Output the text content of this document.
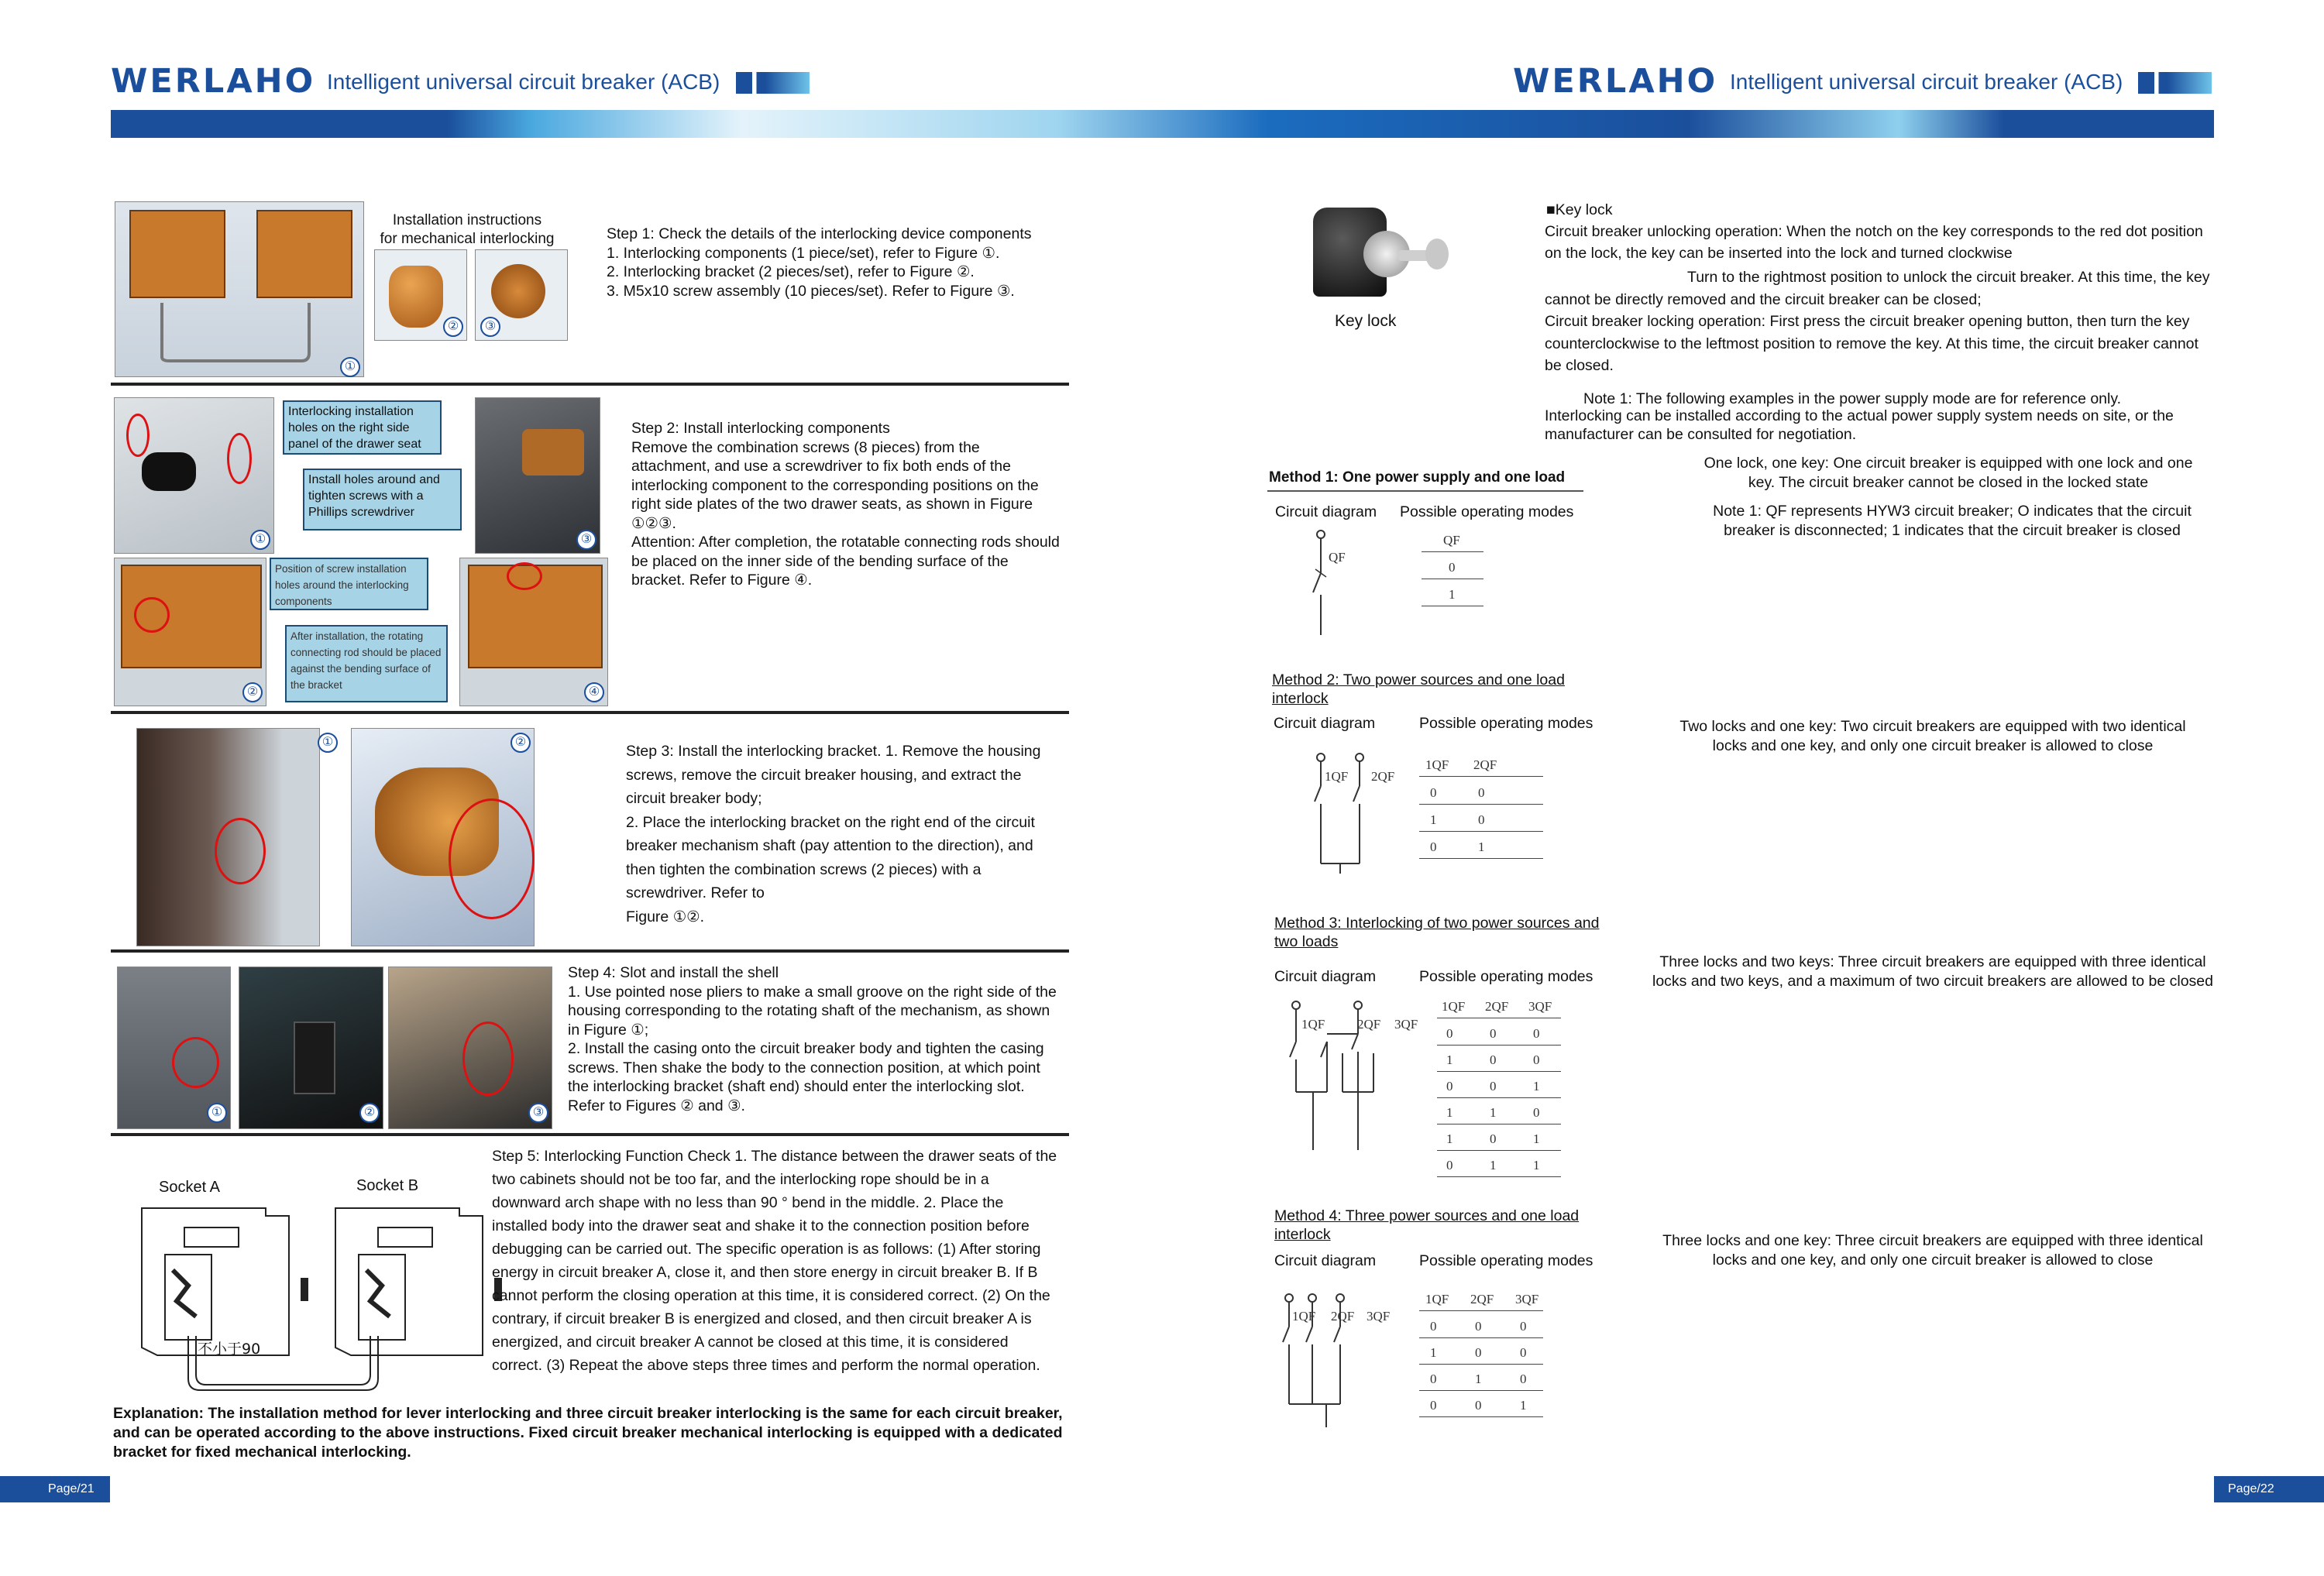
WERLAHO Intelligent universal circuit breaker (ACB)	WERLAHO Intelligent universal circuit breaker (ACB)
①
Installation instructions
for mechanical interlocking
②	③
Step 1: Check the details of the interlocking device components
1. Interlocking components (1 piece/set), refer to Figure ①.
2. Interlocking bracket (2 pieces/set), refer to Figure ②.
3. M5x10 screw assembly (10 pieces/set). Refer to Figure ③.
①
Interlocking installation holes on the right side panel of the drawer seat
Install holes around and tighten screws with a Phillips screwdriver
③
②
Position of screw installation holes around the interlocking components
After installation, the rotating connecting rod should be placed against the bending surface of the bracket
④
Step 2: Install interlocking components
Remove the combination screws (8 pieces) from the attachment, and use a screwdriver to fix both ends of the interlocking component to the corresponding positions on the right side plates of the two drawer seats, as shown in Figure ①②③.
Attention: After completion, the rotatable connecting rods should be placed on the inner side of the bending surface of the bracket. Refer to Figure ④.
①	②
Step 3: Install the interlocking bracket. 1. Remove the housing screws, remove the circuit breaker housing, and extract the circuit breaker body;
2. Place the interlocking bracket on the right end of the circuit breaker mechanism shaft (pay attention to the direction), and then tighten the combination screws (2 pieces) with a screwdriver. Refer to
Figure ①②.
①	②	③
Step 4: Slot and install the shell
1. Use pointed nose pliers to make a small groove on the right side of the housing corresponding to the rotating shaft of the mechanism, as shown in Figure ①;
2. Install the casing onto the circuit breaker body and tighten the casing screws. Then shake the body to the connection position, at which point the interlocking bracket (shaft end) should enter the interlocking slot. Refer to Figures ② and ③.
Socket A	Socket B
不小于90
Step 5: Interlocking Function Check 1. The distance between the drawer seats of the two cabinets should not be too far, and the interlocking rope should be in a downward arch shape with no less than 90 ° bend in the middle. 2. Place the installed body into the drawer seat and shake it to the connection position before debugging can be carried out. The specific operation is as follows: (1) After storing energy in circuit breaker A, close it, and then store energy in circuit breaker B. If B cannot perform the closing operation at this time, it is considered correct. (2) On the contrary, if circuit breaker B is energized and closed, and then circuit breaker A is energized, and circuit breaker A cannot be closed at this time, it is considered correct. (3) Repeat the above steps three times and perform the normal operation.
Explanation: The installation method for lever interlocking and three circuit breaker interlocking is the same for each circuit breaker, and can be operated according to the above instructions. Fixed circuit breaker mechanical interlocking is equipped with a dedicated bracket for fixed mechanical interlocking.
Page/21
Key lock
■Key lock
Circuit breaker unlocking operation: When the notch on the key corresponds to the red dot position on the lock, the key can be inserted into the lock and turned clockwise
Turn to the rightmost position to unlock the circuit breaker. At this time, the key cannot be directly removed and the circuit breaker can be closed;
Circuit breaker locking operation: First press the circuit breaker opening button, then turn the key counterclockwise to the leftmost position to remove the key. At this time, the circuit breaker cannot be closed.
Note 1: The following examples in the power supply mode are for reference only.
Interlocking can be installed according to the actual power supply system needs on site, or the manufacturer can be consulted for negotiation.
Method 1: One power supply and one load
Circuit diagram Possible operating modes
QF
QF
0
1
One lock, one key: One circuit breaker is equipped with one lock and one key. The circuit breaker cannot be closed in the locked state
Note 1: QF represents HYW3 circuit breaker; O indicates that the circuit breaker is disconnected; 1 indicates that the circuit breaker is closed
Method 2: Two power sources and one load interlock
Circuit diagram	Possible operating modes
1QF 2QF
1QF 2QF
0	0
1	0
0	1
Two locks and one key: Two circuit breakers are equipped with two identical locks and one key, and only one circuit breaker is allowed to close
Method 3: Interlocking of two power sources and two loads
Circuit diagram	Possible operating modes
1QF 2QF 3QF
1QF 2QF 3QF
0	0	0
1	0	0
0	0	1
1	1	0
1	0	1
0	1	1
Three locks and two keys: Three circuit breakers are equipped with three identical locks and two keys, and a maximum of two circuit breakers are allowed to be closed
Method 4: Three power sources and one load interlock
Circuit diagram	Possible operating modes
1QF 2QF 3QF
1QF 2QF 3QF
0	0	0
1	0	0
0	1	0
0	0	1
Three locks and one key: Three circuit breakers are equipped with three identical locks and one key, and only one circuit breaker is allowed to close
Page/22
